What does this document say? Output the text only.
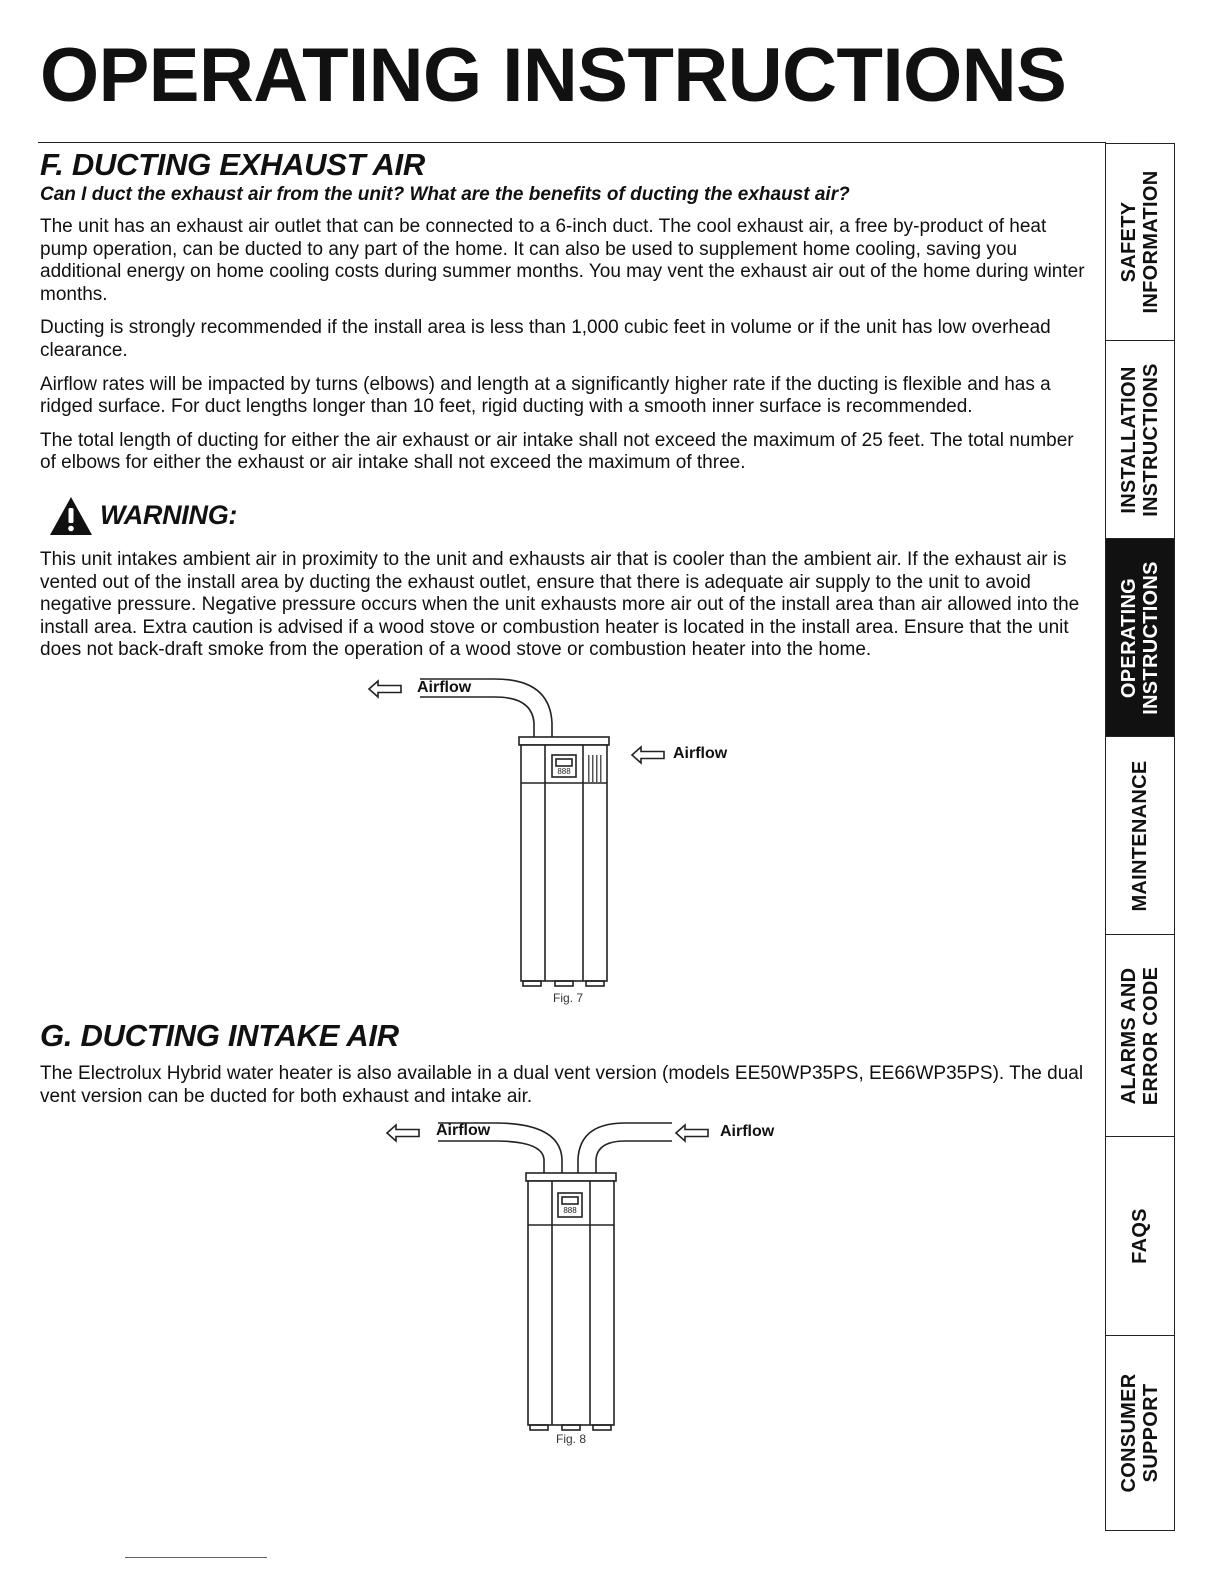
OPERATING INSTRUCTIONS
F. DUCTING EXHAUST AIR

Can I duct the exhaust air from the unit? What are the benefits of ducting the exhaust air?

The unit has an exhaust air outlet that can be connected to a 6-inch duct. The cool exhaust air, a free by-product of heat pump operation, can be ducted to any part of the home. It can also be used to supplement home cooling, saving you additional energy on home cooling costs during summer months. You may vent the exhaust air out of the home during winter months.

Ducting is strongly recommended if the install area is less than 1,000 cubic feet in volume or if the unit has low overhead clearance.

Airflow rates will be impacted by turns (elbows) and length at a significantly higher rate if the ducting is flexible and has a ridged surface. For duct lengths longer than 10 feet, rigid ducting with a smooth inner surface is recommended.

The total length of ducting for either the air exhaust or air intake shall not exceed the maximum of 25 feet. The total number of elbows for either the exhaust or air intake shall not exceed the maximum of three.

WARNING:

This unit intakes ambient air in proximity to the unit and exhausts air that is cooler than the ambient air. If the exhaust air is vented out of the install area by ducting the exhaust outlet, ensure that there is adequate air supply to the unit to avoid negative pressure. Negative pressure occurs when the unit exhausts more air out of the install area than air allowed into the install area. Extra caution is advised if a wood stove or combustion heater is located in the install area. Ensure that the unit does not back-draft smoke from the operation of a wood stove or combustion heater into the home.

888
Airflow
Airflow
Fig. 7
G. DUCTING INTAKE AIR

The Electrolux Hybrid water heater is also available in a dual vent version (models EE50WP35PS, EE66WP35PS). The dual vent version can be ducted for both exhaust and intake air.

888
Airflow	Airflow
Fig. 8
SAFETY INFORMATION
INSTALLATION INSTRUCTIONS
OPERATING INSTRUCTIONS
MAINTENANCE
ALARMS AND ERROR CODE
FAQS
CONSUMER SUPPORT
